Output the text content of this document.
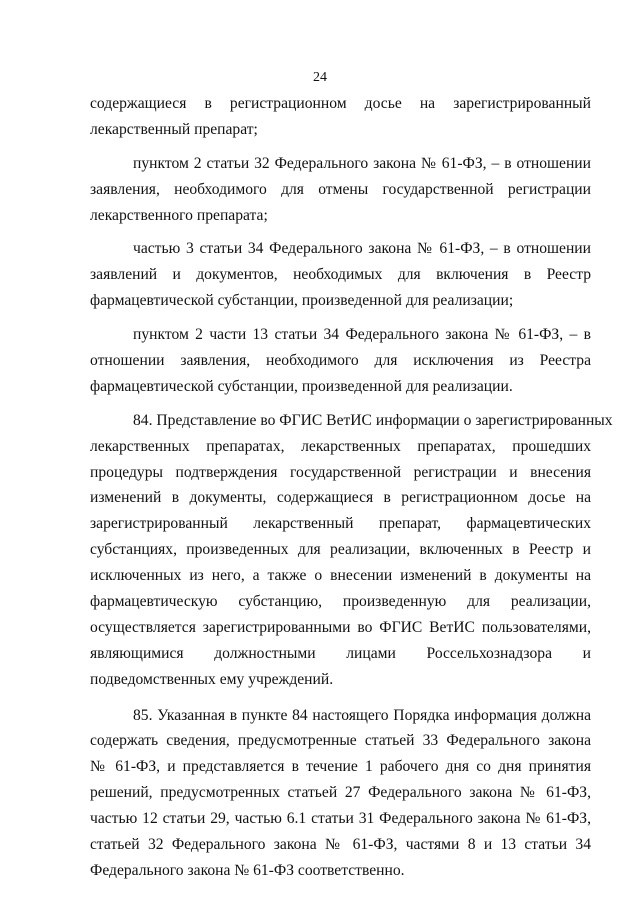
24
содержащиеся в регистрационном досье на зарегистрированный
лекарственный препарат;
пунктом 2 статьи 32 Федерального закона № 61-ФЗ, – в отношении
заявления, необходимого для отмены государственной регистрации
лекарственного препарата;
частью 3 статьи 34 Федерального закона № 61-ФЗ, – в отношении
заявлений и документов, необходимых для включения в Реестр
фармацевтической субстанции, произведенной для реализации;
пунктом 2 части 13 статьи 34 Федерального закона № 61-ФЗ, – в
отношении заявления, необходимого для исключения из Реестра
фармацевтической субстанции, произведенной для реализации.
84. Представление во ФГИС ВетИС информации о зарегистрированных
лекарственных препаратах, лекарственных препаратах, прошедших
процедуры подтверждения государственной регистрации и внесения
изменений в документы, содержащиеся в регистрационном досье на
зарегистрированный лекарственный препарат, фармацевтических
субстанциях, произведенных для реализации, включенных в Реестр и
исключенных из него, а также о внесении изменений в документы на
фармацевтическую субстанцию, произведенную для реализации,
осуществляется зарегистрированными во ФГИС ВетИС пользователями,
являющимися должностными лицами Россельхознадзора и
подведомственных ему учреждений.
85. Указанная в пункте 84 настоящего Порядка информация должна
содержать сведения, предусмотренные статьей 33 Федерального закона
№ 61-ФЗ, и представляется в течение 1 рабочего дня со дня принятия
решений, предусмотренных статьей 27 Федерального закона № 61-ФЗ,
частью 12 статьи 29, частью 6.1 статьи 31 Федерального закона № 61-ФЗ,
статьей 32 Федерального закона № 61-ФЗ, частями 8 и 13 статьи 34
Федерального закона № 61-ФЗ соответственно.
